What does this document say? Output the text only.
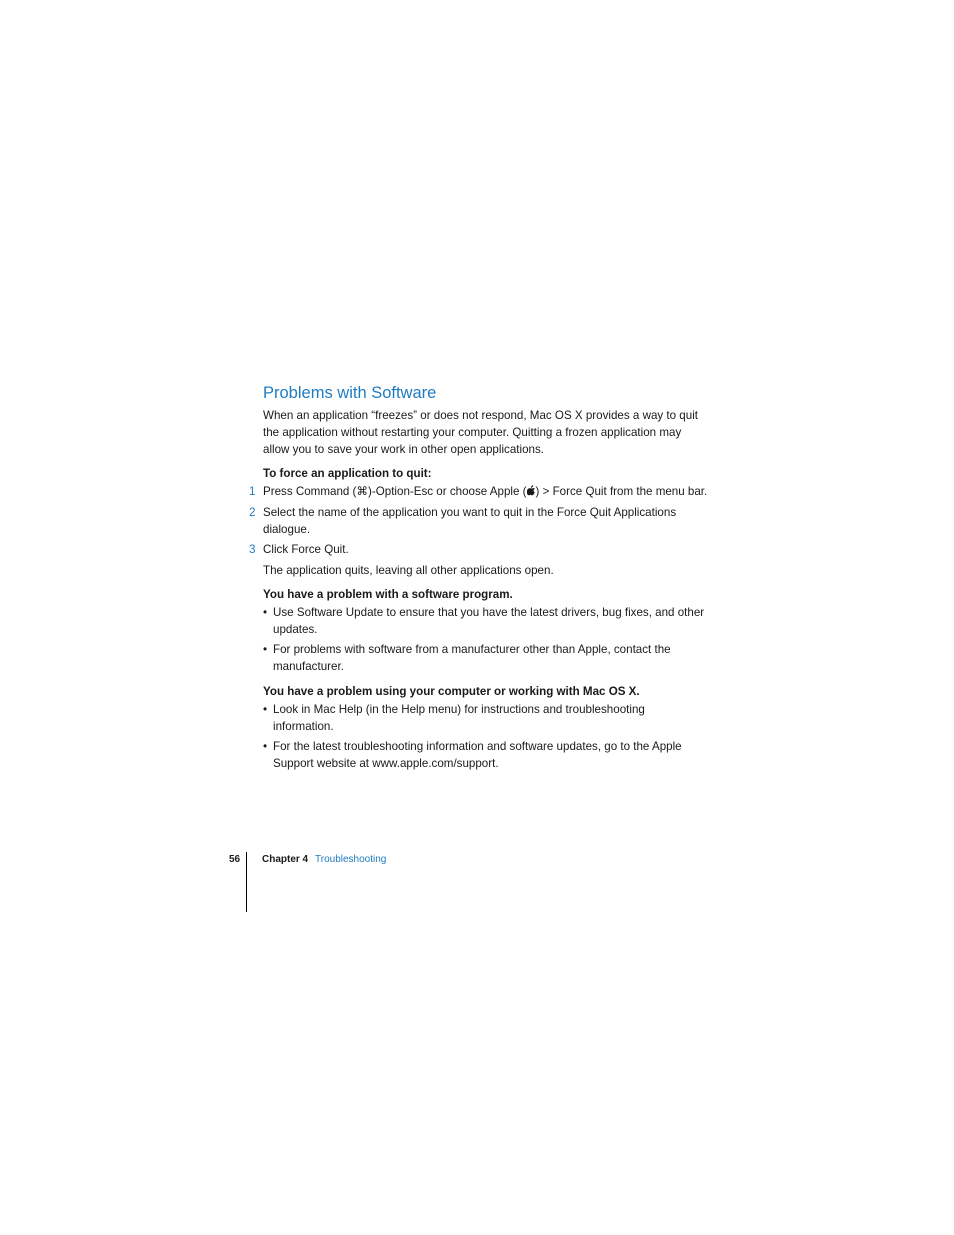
Problems with Software

When an application “freezes” or does not respond, Mac OS X provides a way to quit the application without restarting your computer. Quitting a frozen application may allow you to save your work in other open applications.

To force an application to quit:

1 Press Command (⌘)-Option-Esc or choose Apple ( ) > Force Quit from the menu bar.
2 Select the name of the application you want to quit in the Force Quit Applications dialogue.
3 Click Force Quit.

The application quits, leaving all other applications open.

You have a problem with a software program.

• Use Software Update to ensure that you have the latest drivers, bug fixes, and other updates.
• For problems with software from a manufacturer other than Apple, contact the manufacturer.

You have a problem using your computer or working with Mac OS X.

• Look in Mac Help (in the Help menu) for instructions and troubleshooting information.
• For the latest troubleshooting information and software updates, go to the Apple Support website at www.apple.com/support.
56 Chapter 4 Troubleshooting
